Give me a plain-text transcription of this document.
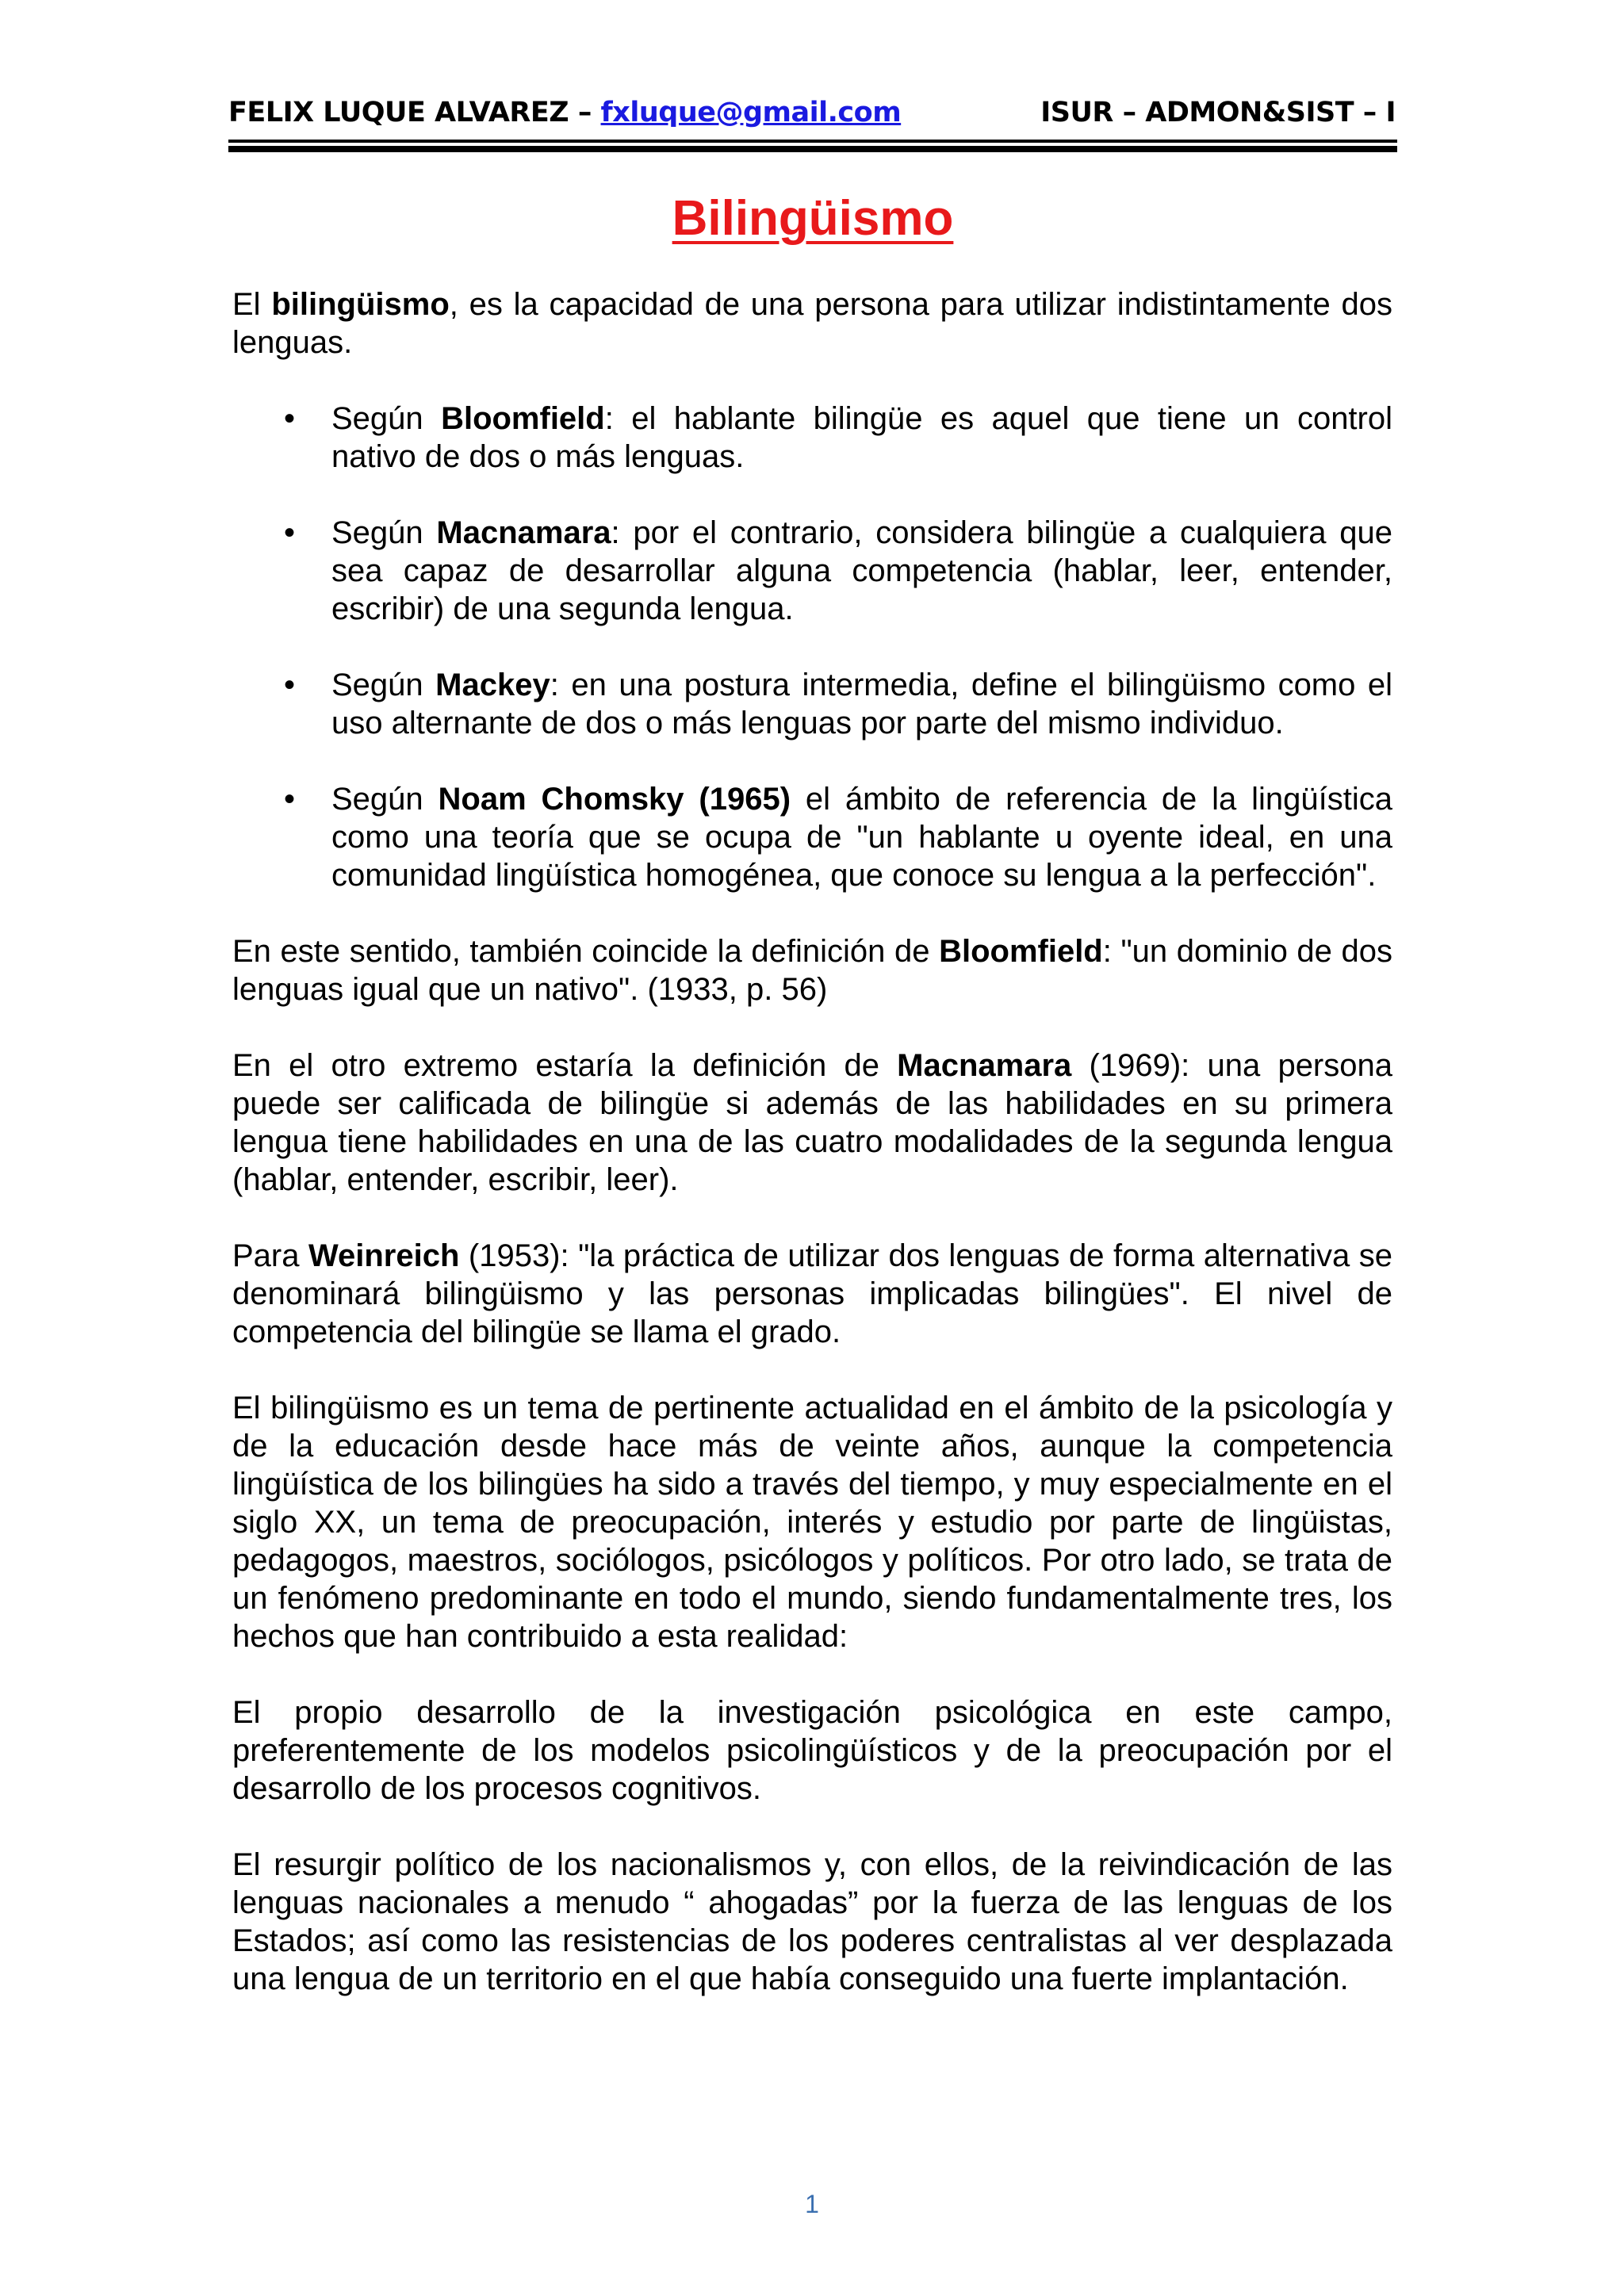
FELIX LUQUE ALVAREZ – fxluque@gmail.com	ISUR – ADMON&SIST – I
Bilingüismo

El bilingüismo, es la capacidad de una persona para utilizar indistintamente dos lenguas.

• Según Bloomfield: el hablante bilingüe es aquel que tiene un control nativo de dos o más lenguas.
• Según Macnamara: por el contrario, considera bilingüe a cualquiera que sea capaz de desarrollar alguna competencia (hablar, leer, entender, escribir) de una segunda lengua.
• Según Mackey: en una postura intermedia, define el bilingüismo como el uso alternante de dos o más lenguas por parte del mismo individuo.
• Según Noam Chomsky (1965) el ámbito de referencia de la lingüística como una teoría que se ocupa de "un hablante u oyente ideal, en una comunidad lingüística homogénea, que conoce su lengua a la perfección".

En este sentido, también coincide la definición de Bloomfield: "un dominio de dos lenguas igual que un nativo". (1933, p. 56)

En el otro extremo estaría la definición de Macnamara (1969): una persona puede ser calificada de bilingüe si además de las habilidades en su primera lengua tiene habilidades en una de las cuatro modalidades de la segunda lengua (hablar, entender, escribir, leer).

Para Weinreich (1953): "la práctica de utilizar dos lenguas de forma alternativa se denominará bilingüismo y las personas implicadas bilingües". El nivel de competencia del bilingüe se llama el grado.

El bilingüismo es un tema de pertinente actualidad en el ámbito de la psicología y de la educación desde hace más de veinte años, aunque la competencia lingüística de los bilingües ha sido a través del tiempo, y muy especialmente en el siglo XX, un tema de preocupación, interés y estudio por parte de lingüistas, pedagogos, maestros, sociólogos, psicólogos y políticos. Por otro lado, se trata de un fenómeno predominante en todo el mundo, siendo fundamentalmente tres, los hechos que han contribuido a esta realidad:

El propio desarrollo de la investigación psicológica en este campo, preferentemente de los modelos psicolingüísticos y de la preocupación por el desarrollo de los procesos cognitivos.

El resurgir político de los nacionalismos y, con ellos, de la reivindicación de las lenguas nacionales a menudo “ ahogadas” por la fuerza de las lenguas de los Estados; así como las resistencias de los poderes centralistas al ver desplazada una lengua de un territorio en el que había conseguido una fuerte implantación.

1
